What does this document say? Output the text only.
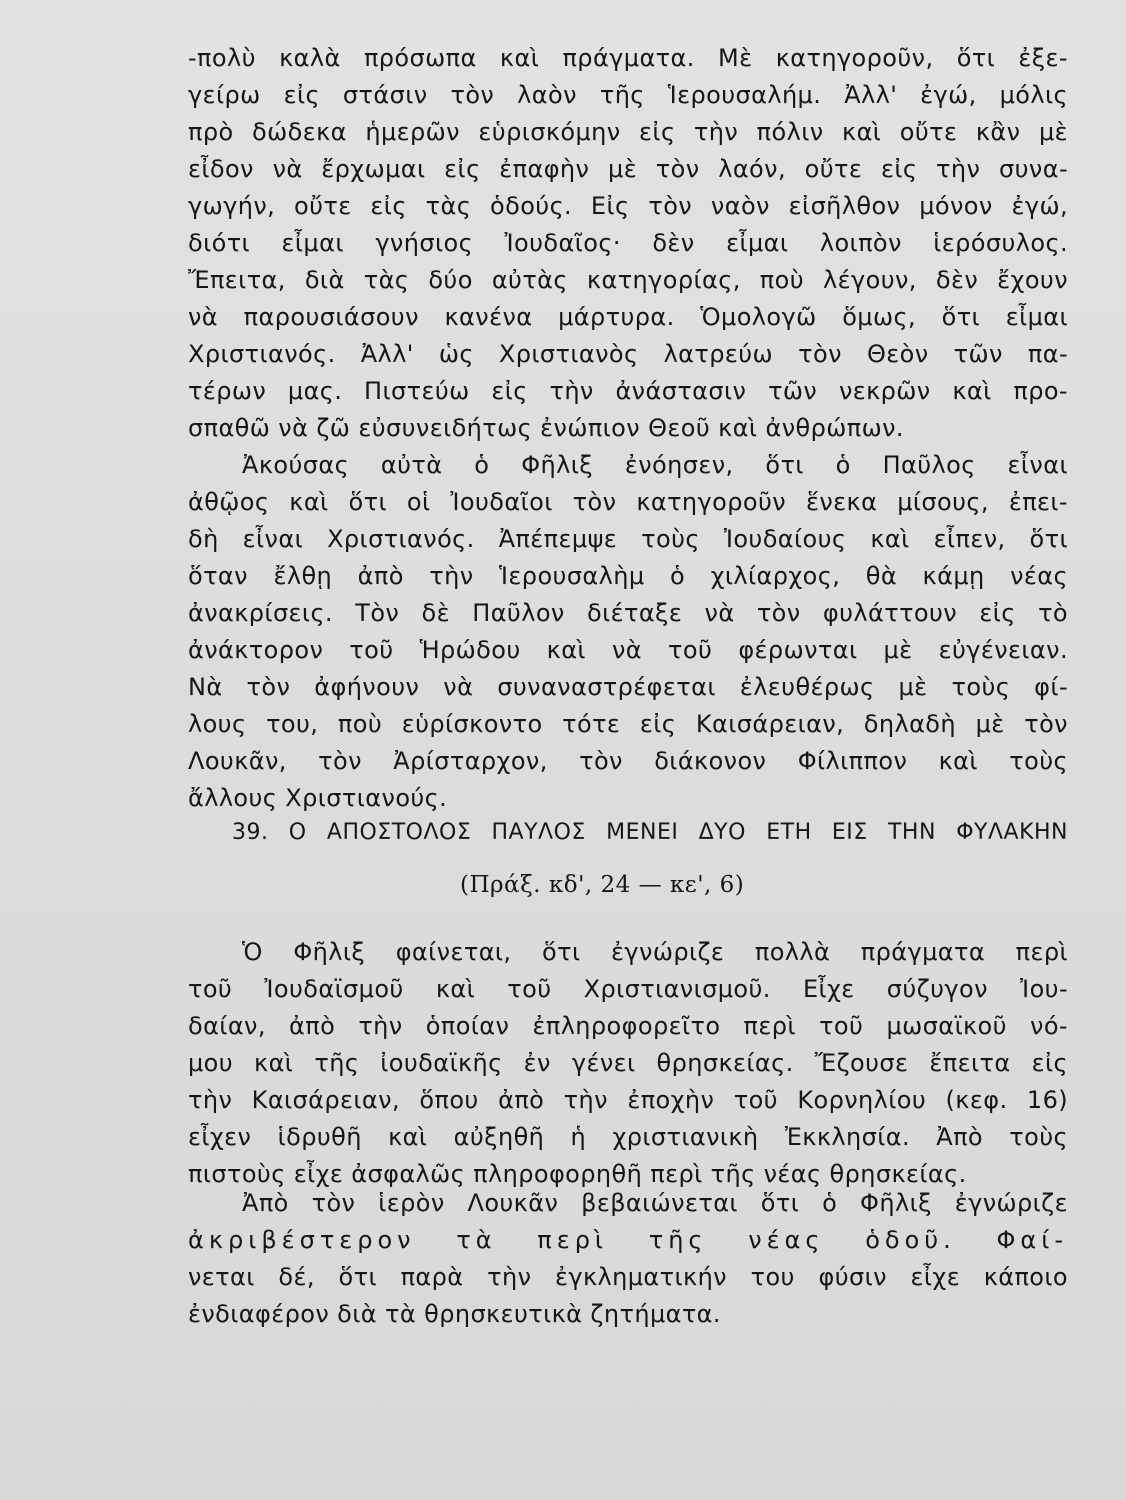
-πολὺ καλὰ πρόσωπα καὶ πράγματα. Μὲ κατηγοροῦν, ὅτι ἐξε-
γείρω εἰς στάσιν τὸν λαὸν τῆς Ἱερουσαλήμ. Ἀλλ' ἐγώ, μόλις
πρὸ δώδεκα ἡμερῶν εὑρισκόμην εἰς τὴν πόλιν καὶ οὔτε κἂν μὲ
εἶδον νὰ ἔρχωμαι εἰς ἐπαφὴν μὲ τὸν λαόν, οὔτε εἰς τὴν συνα-
γωγήν, οὔτε εἰς τὰς ὁδούς. Εἰς τὸν ναὸν εἰσῆλθον μόνον ἐγώ,
διότι εἶμαι γνήσιος Ἰουδαῖος· δὲν εἶμαι λοιπὸν ἱερόσυλος.
Ἔπειτα, διὰ τὰς δύο αὐτὰς κατηγορίας, ποὺ λέγουν, δὲν ἔχουν
νὰ παρουσιάσουν κανένα μάρτυρα. Ὁμολογῶ ὅμως, ὅτι εἶμαι
Χριστιανός. Ἀλλ' ὡς Χριστιανὸς λατρεύω τὸν Θεὸν τῶν πα-
τέρων μας. Πιστεύω εἰς τὴν ἀνάστασιν τῶν νεκρῶν καὶ προ-
σπαθῶ νὰ ζῶ εὐσυνειδήτως ἐνώπιον Θεοῦ καὶ ἀνθρώπων.
Ἀκούσας αὐτὰ ὁ Φῆλιξ ἐνόησεν, ὅτι ὁ Παῦλος εἶναι
ἀθῷος καὶ ὅτι οἱ Ἰουδαῖοι τὸν κατηγοροῦν ἕνεκα μίσους, ἐπει-
δὴ εἶναι Χριστιανός. Ἀπέπεμψε τοὺς Ἰουδαίους καὶ εἶπεν, ὅτι
ὅταν ἔλθῃ ἀπὸ τὴν Ἱερουσαλὴμ ὁ χιλίαρχος, θὰ κάμῃ νέας
ἀνακρίσεις. Τὸν δὲ Παῦλον διέταξε νὰ τὸν φυλάττουν εἰς τὸ
ἀνάκτορον τοῦ Ἡρώδου καὶ νὰ τοῦ φέρωνται μὲ εὐγένειαν.
Νὰ τὸν ἀφήνουν νὰ συναναστρέφεται ἐλευθέρως μὲ τοὺς φί-
λους του, ποὺ εὑρίσκοντο τότε εἰς Καισάρειαν, δηλαδὴ μὲ τὸν
Λουκᾶν, τὸν Ἀρίσταρχον, τὸν διάκονον Φίλιππον καὶ τοὺς
ἄλλους Χριστιανούς.
39. Ο ΑΠΟΣΤΟΛΟΣ ΠΑΥΛΟΣ ΜΕΝΕΙ ΔΥΟ ΕΤΗ ΕΙΣ ΤΗΝ ΦΥΛΑΚΗΝ
(Πράξ. κδ', 24 — κε', 6)
Ὁ Φῆλιξ φαίνεται, ὅτι ἐγνώριζε πολλὰ πράγματα περὶ
τοῦ Ἰουδαϊσμοῦ καὶ τοῦ Χριστιανισμοῦ. Εἶχε σύζυγον Ἰου-
δαίαν, ἀπὸ τὴν ὁποίαν ἐπληροφορεῖτο περὶ τοῦ μωσαϊκοῦ νό-
μου καὶ τῆς ἰουδαϊκῆς ἐν γένει θρησκείας. Ἔζουσε ἔπειτα εἰς
τὴν Καισάρειαν, ὅπου ἀπὸ τὴν ἐποχὴν τοῦ Κορνηλίου (κεφ. 16)
εἶχεν ἱδρυθῆ καὶ αὐξηθῆ ἡ χριστιανικὴ Ἐκκλησία. Ἀπὸ τοὺς
πιστοὺς εἶχε ἀσφαλῶς πληροφορηθῆ περὶ τῆς νέας θρησκείας.
Ἀπὸ τὸν ἱερὸν Λουκᾶν βεβαιώνεται ὅτι ὁ Φῆλιξ ἐγνώριζε
ἀκριβέστερον τὰ περὶ τῆς νέας ὁδοῦ. Φαί-
νεται δέ, ὅτι παρὰ τὴν ἐγκληματικήν του φύσιν εἶχε κάποιο
ἐνδιαφέρον διὰ τὰ θρησκευτικὰ ζητήματα.
